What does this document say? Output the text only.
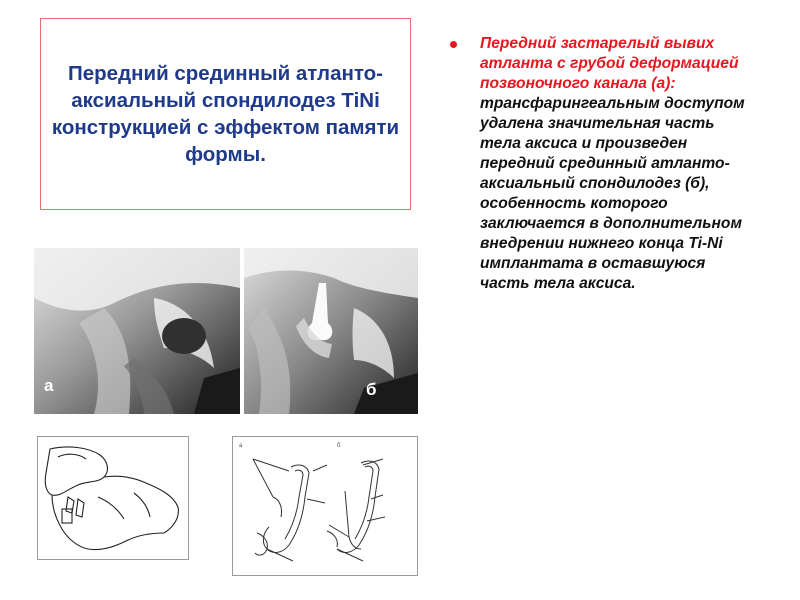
Передний срединный атланто-аксиальный спондилодез TiNi конструкцией с эффектом памяти формы.

Передний застарелый вывих атланта с грубой деформацией позвоночного канала (а): трансфарингеальным доступом удалена значительная часть тела аксиса и произведен передний срединный атланто-аксиальный спондилодез (б), особенность которого заключается в дополнительном внедрении нижнего конца Ti-Ni имплантата в оставшуюся часть тела аксиса.

а	б
а	б
